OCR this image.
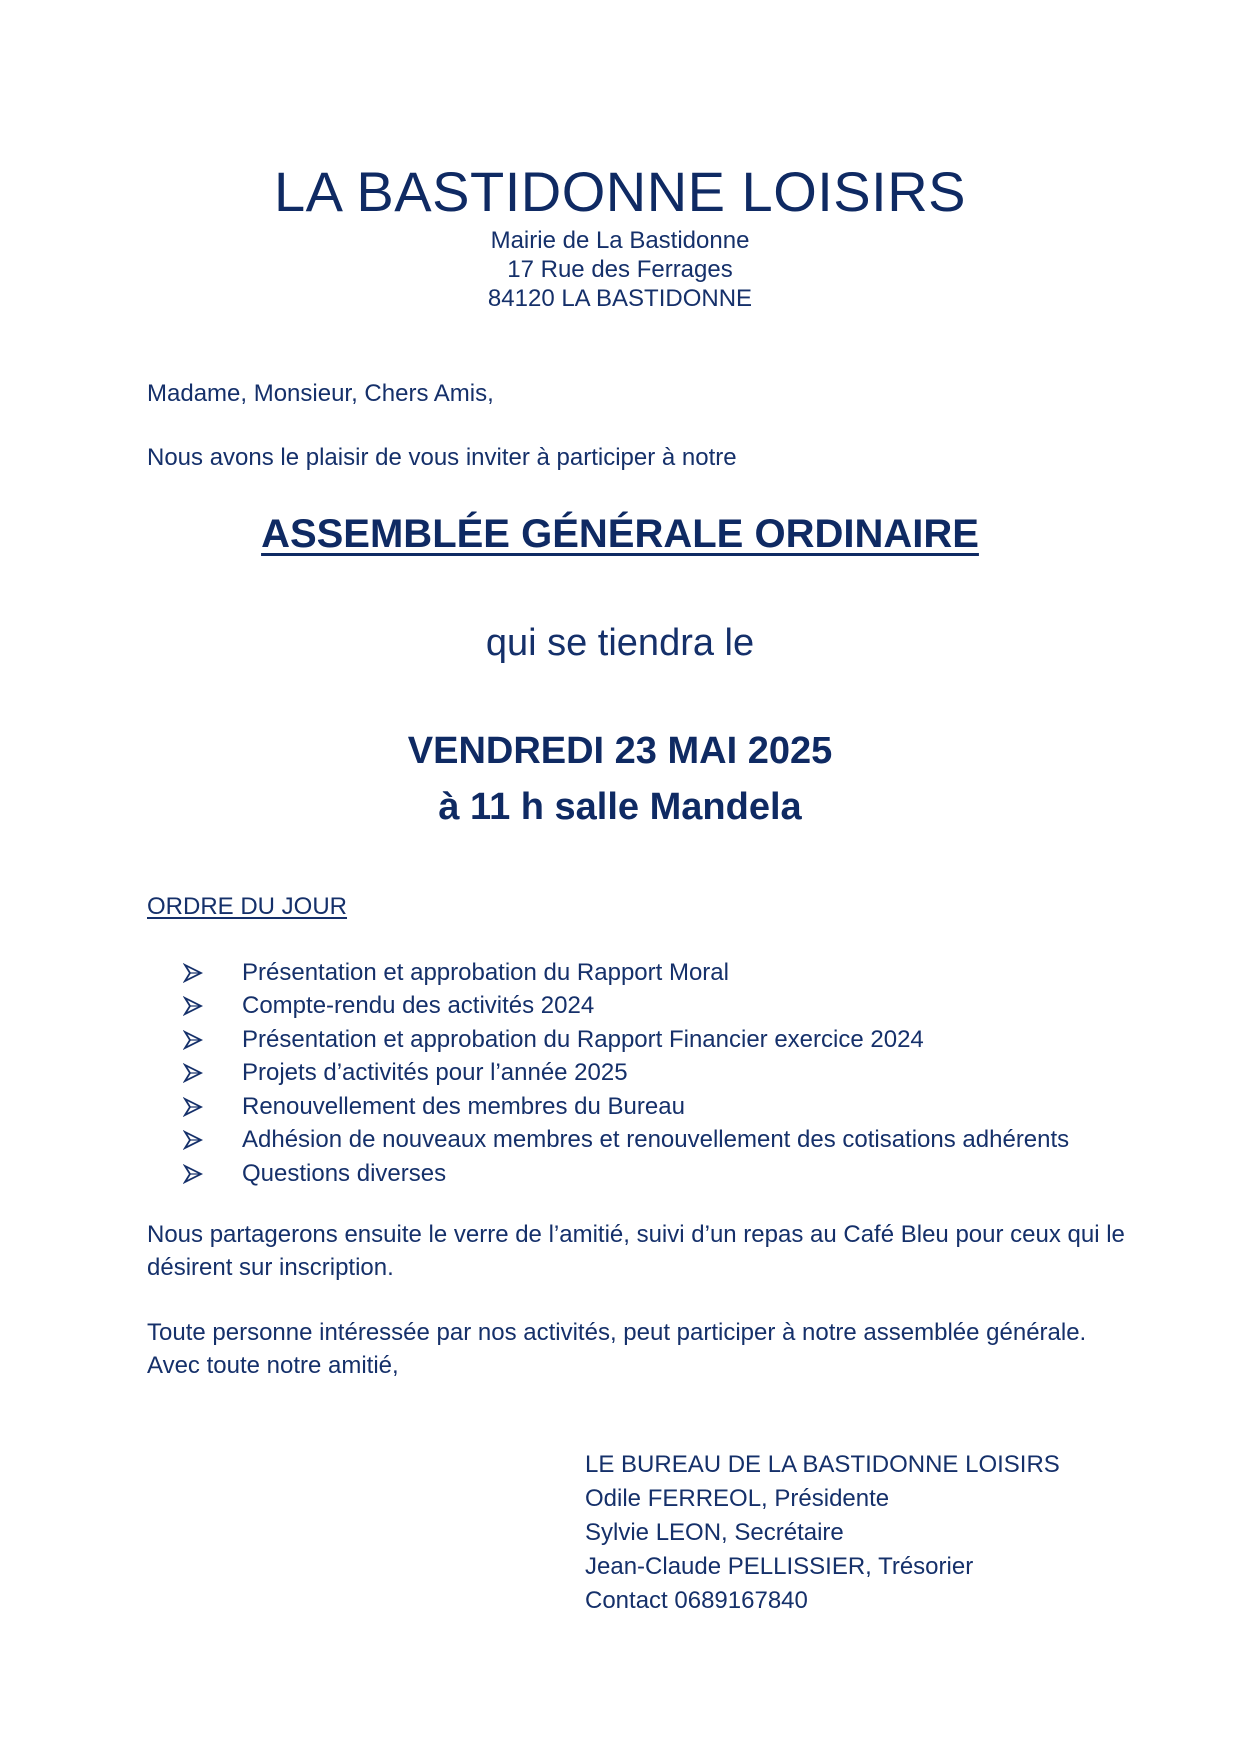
LA BASTIDONNE LOISIRS
Mairie de La Bastidonne
17 Rue des Ferrages
84120 LA BASTIDONNE
Madame, Monsieur, Chers Amis,
Nous avons le plaisir de vous inviter à participer à notre
ASSEMBLÉE GÉNÉRALE ORDINAIRE
qui se tiendra le
VENDREDI 23 MAI 2025
à 11 h salle Mandela
ORDRE DU JOUR
Présentation et approbation du Rapport Moral
Compte-rendu des activités 2024
Présentation et approbation du Rapport Financier exercice 2024
Projets d’activités pour l’année 2025
Renouvellement des membres du Bureau
Adhésion de nouveaux membres et renouvellement des cotisations adhérents
Questions diverses

Nous partagerons ensuite le verre de l’amitié, suivi d’un repas au Café Bleu pour ceux qui le désirent sur inscription.

Toute personne intéressée par nos activités, peut participer à notre assemblée générale.

Avec toute notre amitié,

LE BUREAU DE LA BASTIDONNE LOISIRS
Odile FERREOL, Présidente
Sylvie LEON, Secrétaire
Jean-Claude PELLISSIER, Trésorier
Contact 0689167840
